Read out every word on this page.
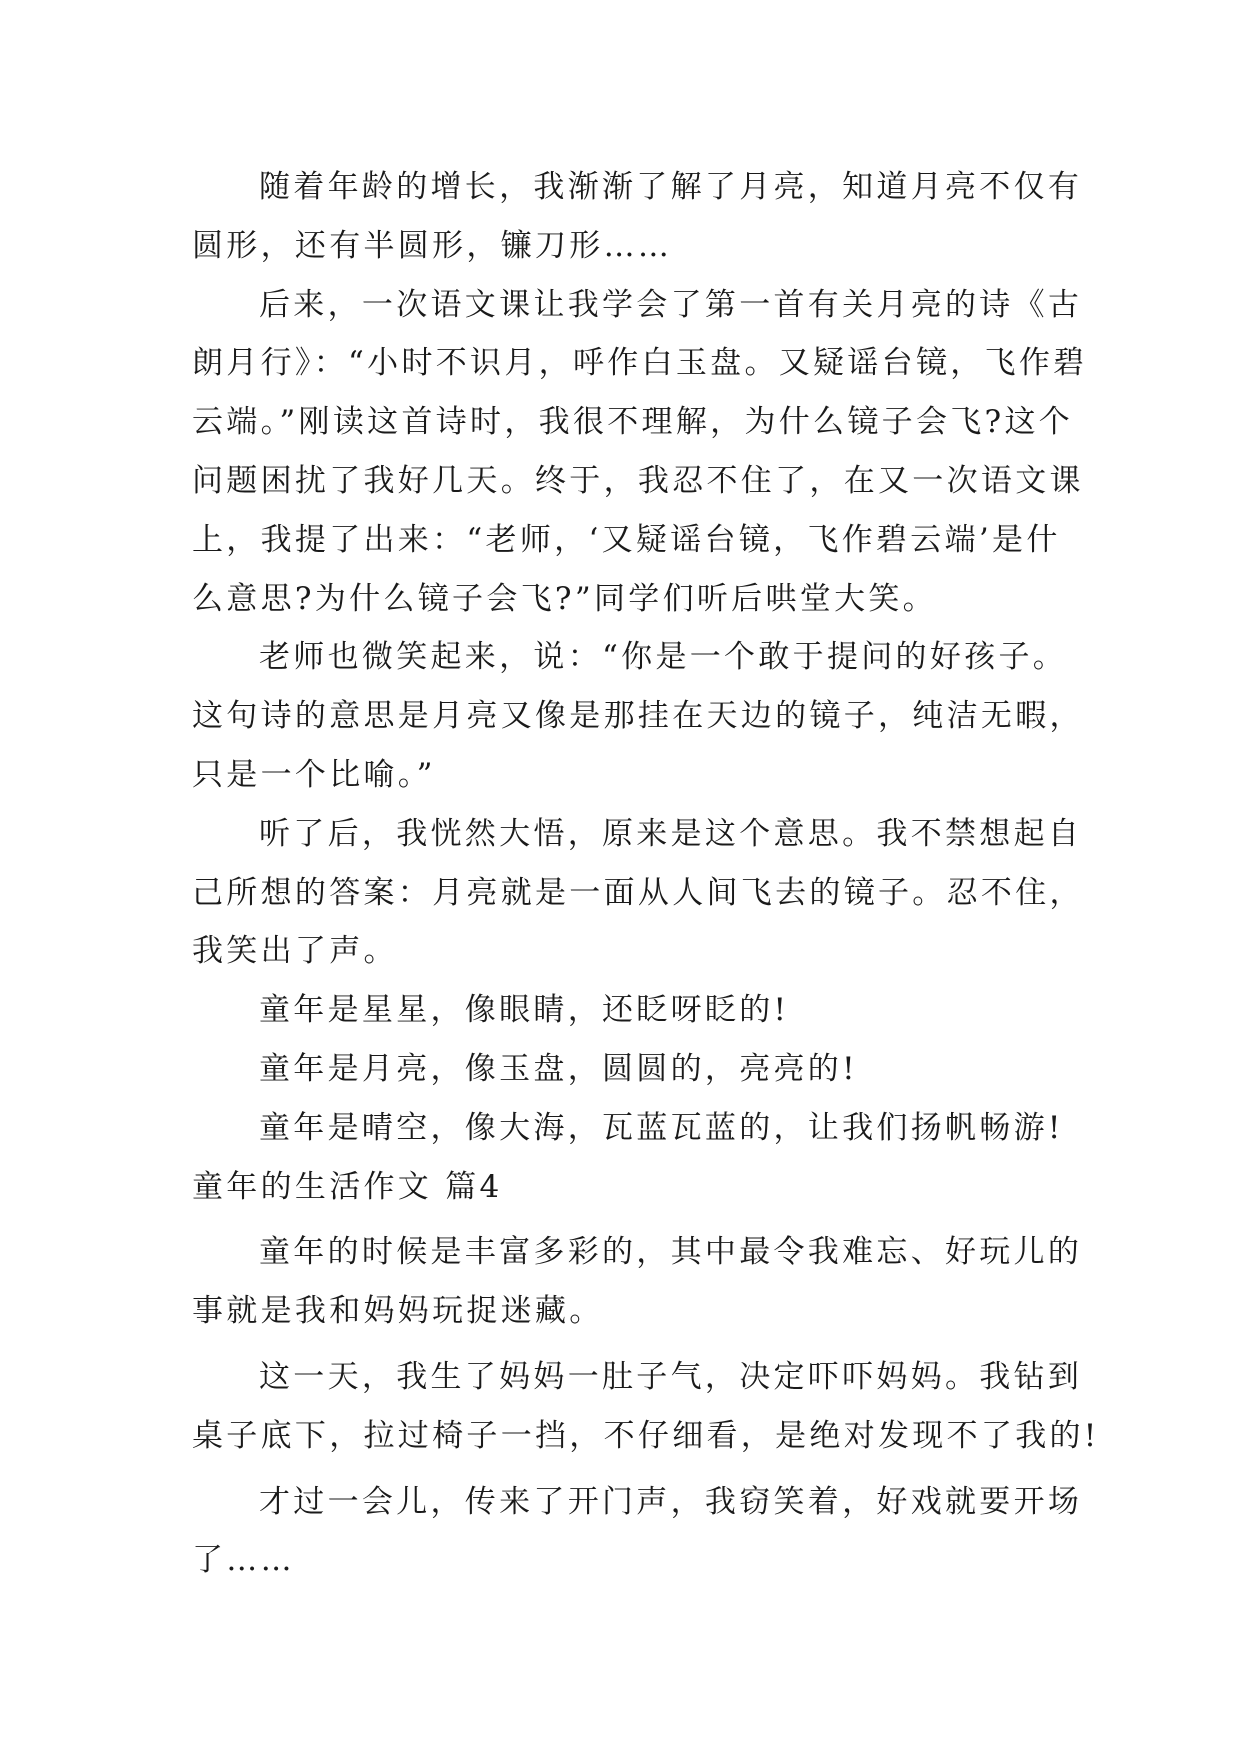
随着年龄的增长，我渐渐了解了月亮，知道月亮不仅有
圆形，还有半圆形，镰刀形……
后来，一次语文课让我学会了第一首有关月亮的诗《古
朗月行》：“小时不识月，呼作白玉盘。又疑谣台镜，飞作碧
云端。”刚读这首诗时，我很不理解，为什么镜子会飞?这个
问题困扰了我好几天。终于，我忍不住了，在又一次语文课
上，我提了出来：“老师，‘又疑谣台镜，飞作碧云端’是什
么意思?为什么镜子会飞?”同学们听后哄堂大笑。
老师也微笑起来，说：“你是一个敢于提问的好孩子。
这句诗的意思是月亮又像是那挂在天边的镜子，纯洁无暇，
只是一个比喻。”
听了后，我恍然大悟，原来是这个意思。我不禁想起自
己所想的答案：月亮就是一面从人间飞去的镜子。忍不住，
我笑出了声。
童年是星星，像眼睛，还眨呀眨的!
童年是月亮，像玉盘，圆圆的，亮亮的!
童年是晴空，像大海，瓦蓝瓦蓝的，让我们扬帆畅游!
童年的生活作文 篇4
童年的时候是丰富多彩的，其中最令我难忘、好玩儿的
事就是我和妈妈玩捉迷藏。
这一天，我生了妈妈一肚子气，决定吓吓妈妈。我钻到
桌子底下，拉过椅子一挡，不仔细看，是绝对发现不了我的!
才过一会儿，传来了开门声，我窃笑着，好戏就要开场
了……
